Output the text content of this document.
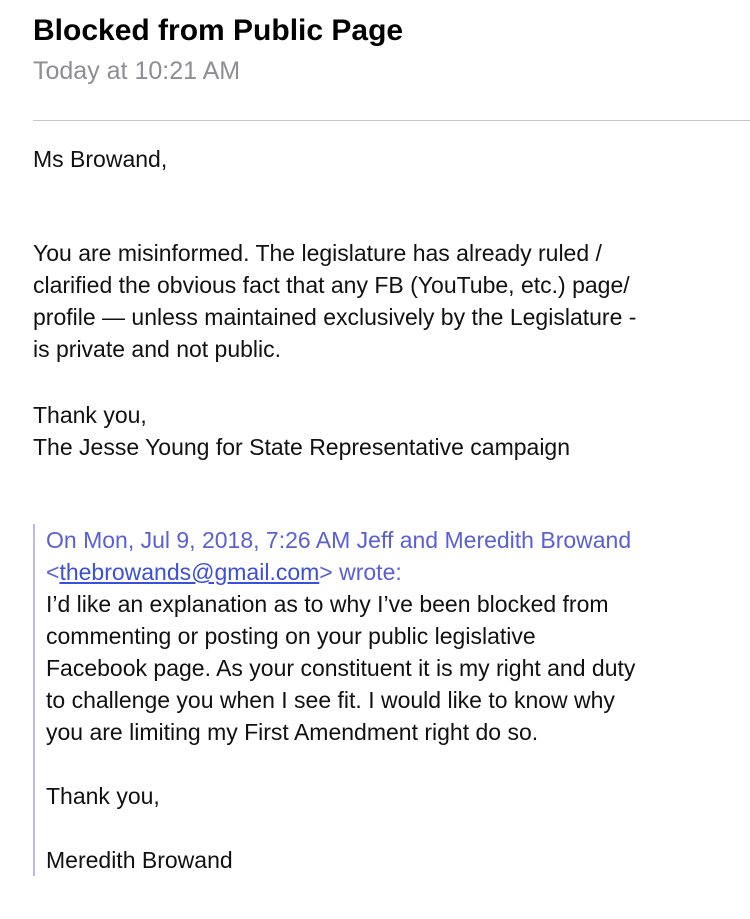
Blocked from Public Page
Today at 10:21 AM

Ms Browand,

You are misinformed. The legislature has already ruled /

clarified the obvious fact that any FB (YouTube, etc.) page/

profile — unless maintained exclusively by the Legislature -

is private and not public.

Thank you,

The Jesse Young for State Representative campaign

On Mon, Jul 9, 2018, 7:26 AM Jeff and Meredith Browand

<thebrowands@gmail.com> wrote:

I’d like an explanation as to why I’ve been blocked from

commenting or posting on your public legislative

Facebook page. As your constituent it is my right and duty

to challenge you when I see fit. I would like to know why

you are limiting my First Amendment right do so.

Thank you,

Meredith Browand
